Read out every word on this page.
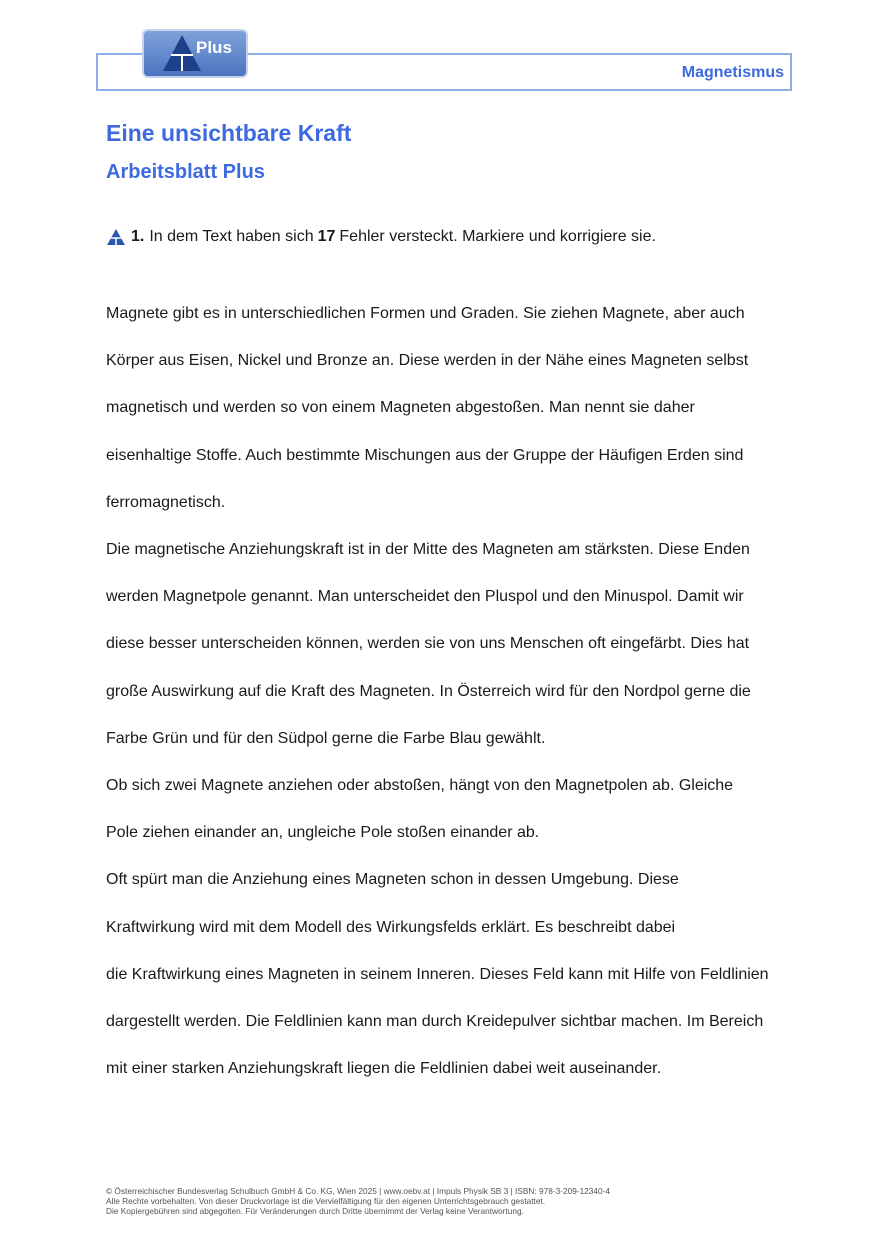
Plus
Magnetismus
Eine unsichtbare Kraft
Arbeitsblatt Plus
1. In dem Text haben sich 17 Fehler versteckt. Markiere und korrigiere sie.
Magnete gibt es in unterschiedlichen Formen und Graden. Sie ziehen Magnete, aber auch
Körper aus Eisen, Nickel und Bronze an. Diese werden in der Nähe eines Magneten selbst
magnetisch und werden so von einem Magneten abgestoßen. Man nennt sie daher
eisenhaltige Stoffe. Auch bestimmte Mischungen aus der Gruppe der Häufigen Erden sind
ferromagnetisch.
Die magnetische Anziehungskraft ist in der Mitte des Magneten am stärksten. Diese Enden
werden Magnetpole genannt. Man unterscheidet den Pluspol und den Minuspol. Damit wir
diese besser unterscheiden können, werden sie von uns Menschen oft eingefärbt. Dies hat
große Auswirkung auf die Kraft des Magneten. In Österreich wird für den Nordpol gerne die
Farbe Grün und für den Südpol gerne die Farbe Blau gewählt.
Ob sich zwei Magnete anziehen oder abstoßen, hängt von den Magnetpolen ab. Gleiche
Pole ziehen einander an, ungleiche Pole stoßen einander ab.
Oft spürt man die Anziehung eines Magneten schon in dessen Umgebung. Diese
Kraftwirkung wird mit dem Modell des Wirkungsfelds erklärt. Es beschreibt dabei
die Kraftwirkung eines Magneten in seinem Inneren. Dieses Feld kann mit Hilfe von Feldlinien
dargestellt werden. Die Feldlinien kann man durch Kreidepulver sichtbar machen. Im Bereich
mit einer starken Anziehungskraft liegen die Feldlinien dabei weit auseinander.
© Österreichischer Bundesverlag Schulbuch GmbH & Co. KG, Wien 2025 | www.oebv.at | Impuls Physik SB 3 | ISBN: 978-3-209-12340-4
Alle Rechte vorbehalten. Von dieser Druckvorlage ist die Vervielfältigung für den eigenen Unterrichtsgebrauch gestattet.
Die Kopiergebühren sind abgegolten. Für Veränderungen durch Dritte übernimmt der Verlag keine Verantwortung.
